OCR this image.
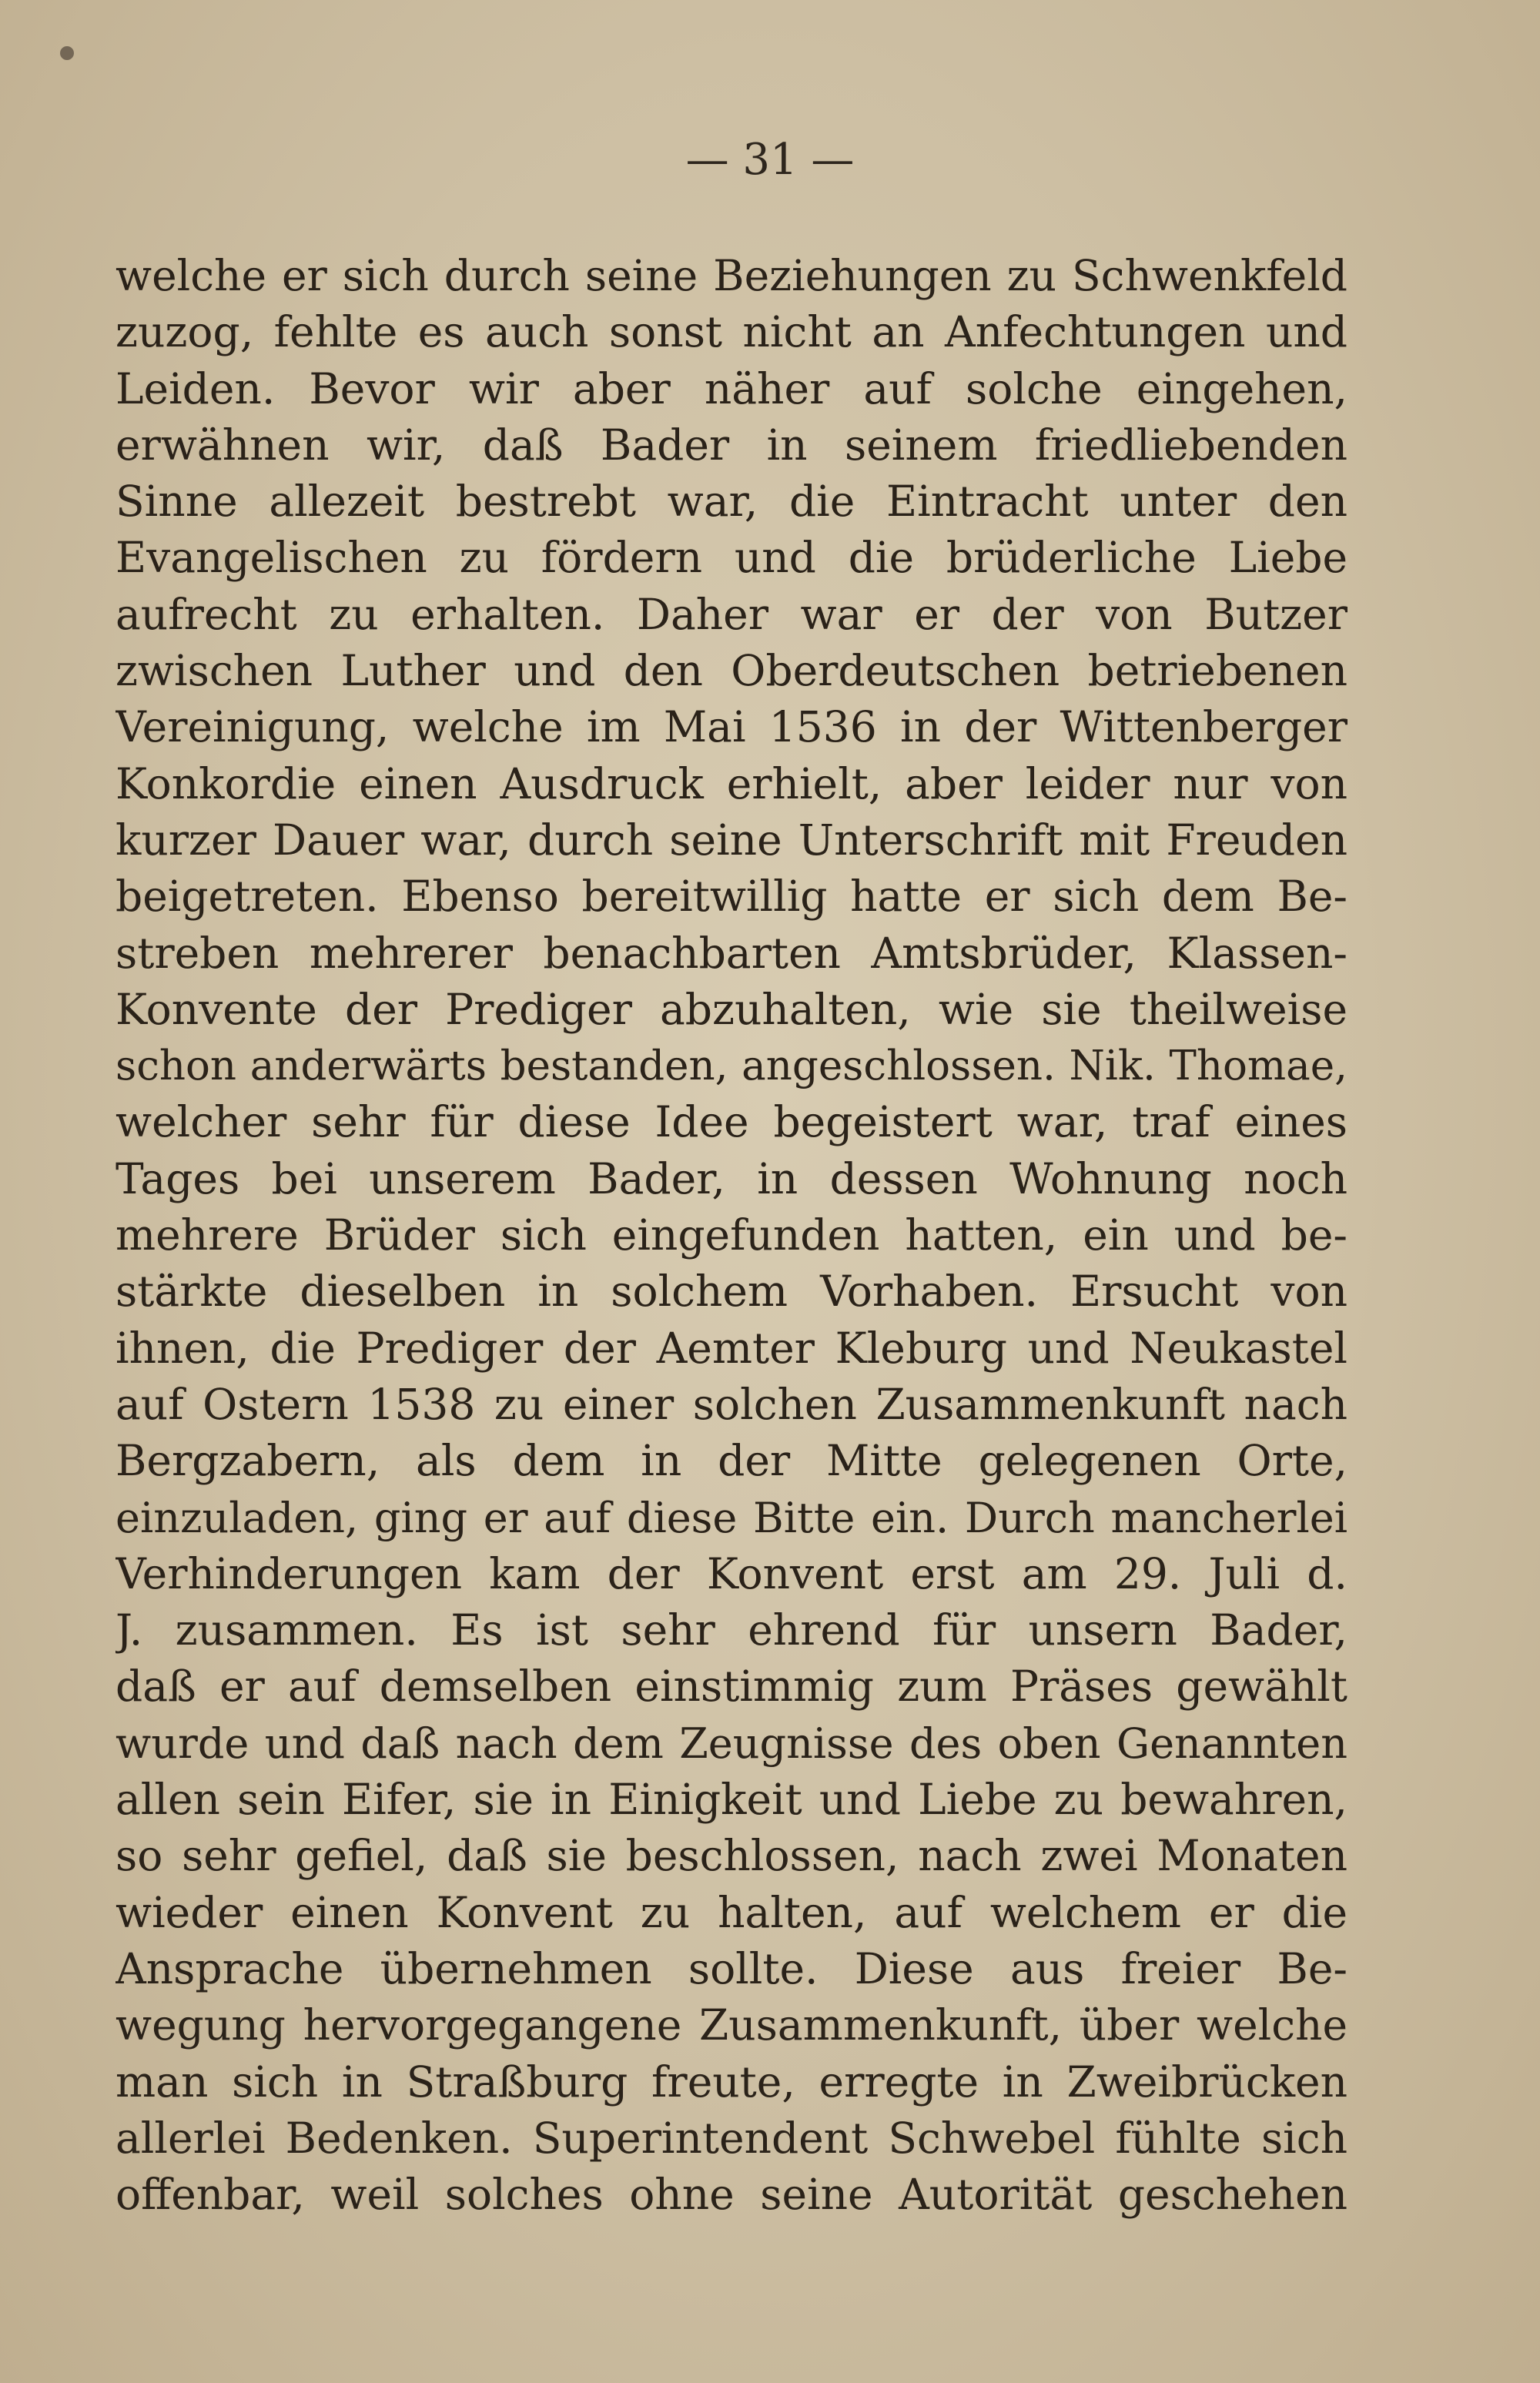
— 31 —
welche er sich durch seine Beziehungen zu Schwenkfeld
zuzog, fehlte es auch sonst nicht an Anfechtungen und
Leiden. Bevor wir aber näher auf solche eingehen,
erwähnen wir, daß Bader in seinem friedliebenden
Sinne allezeit bestrebt war, die Eintracht unter den
Evangelischen zu fördern und die brüderliche Liebe
aufrecht zu erhalten. Daher war er der von Butzer
zwischen Luther und den Oberdeutschen betriebenen
Vereinigung, welche im Mai 1536 in der Wittenberger
Konkordie einen Ausdruck erhielt, aber leider nur von
kurzer Dauer war, durch seine Unterschrift mit Freuden
beigetreten. Ebenso bereitwillig hatte er sich dem Be-
streben mehrerer benachbarten Amtsbrüder, Klassen-
Konvente der Prediger abzuhalten, wie sie theilweise
schon anderwärts bestanden, angeschlossen. Nik. Thomae,
welcher sehr für diese Idee begeistert war, traf eines
Tages bei unserem Bader, in dessen Wohnung noch
mehrere Brüder sich eingefunden hatten, ein und be-
stärkte dieselben in solchem Vorhaben. Ersucht von
ihnen, die Prediger der Aemter Kleburg und Neukastel
auf Ostern 1538 zu einer solchen Zusammenkunft nach
Bergzabern, als dem in der Mitte gelegenen Orte,
einzuladen, ging er auf diese Bitte ein. Durch mancherlei
Verhinderungen kam der Konvent erst am 29. Juli d.
J. zusammen. Es ist sehr ehrend für unsern Bader,
daß er auf demselben einstimmig zum Präses gewählt
wurde und daß nach dem Zeugnisse des oben Genannten
allen sein Eifer, sie in Einigkeit und Liebe zu bewahren,
so sehr gefiel, daß sie beschlossen, nach zwei Monaten
wieder einen Konvent zu halten, auf welchem er die
Ansprache übernehmen sollte. Diese aus freier Be-
wegung hervorgegangene Zusammenkunft, über welche
man sich in Straßburg freute, erregte in Zweibrücken
allerlei Bedenken. Superintendent Schwebel fühlte sich
offenbar, weil solches ohne seine Autorität geschehen
